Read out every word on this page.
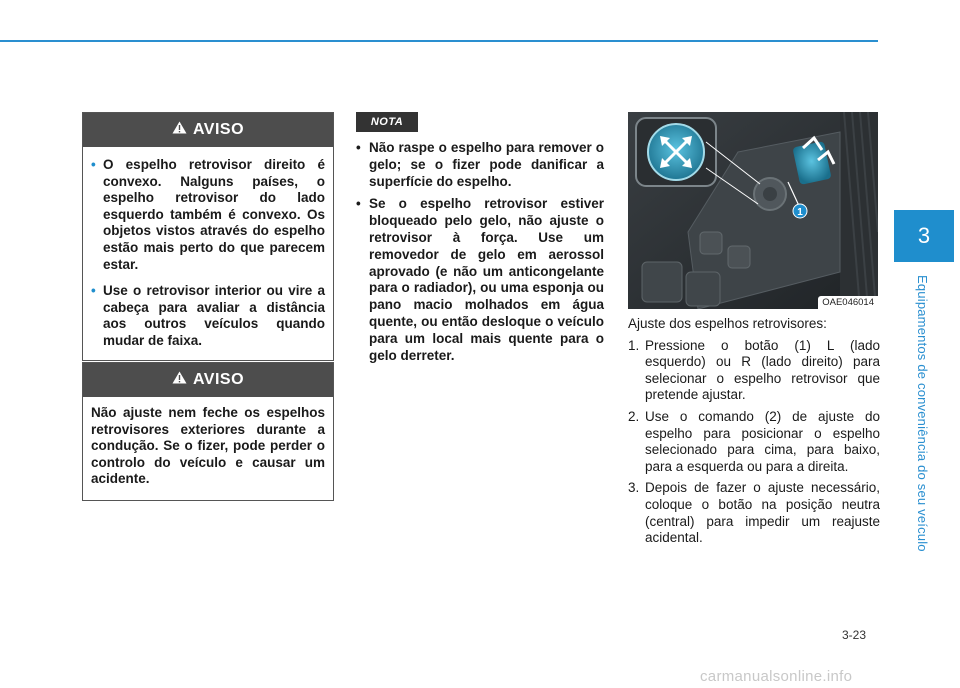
AVISO
• O espelho retrovisor direito é convexo. Nalguns países, o espelho retrovisor do lado esquerdo também é convexo. Os objetos vistos através do espelho estão mais perto do que parecem estar.
• Use o retrovisor interior ou vire a cabeça para avaliar a distância aos outros veículos quando mudar de faixa.
AVISO
Não ajuste nem feche os espelhos retrovisores exteriores durante a condução. Se o fizer, pode perder o controlo do veículo e causar um acidente.
NOTA
• Não raspe o espelho para remover o gelo; se o fizer pode danificar a superfície do espelho.
• Se o espelho retrovisor estiver bloqueado pelo gelo, não ajuste o retrovisor à força. Use um removedor de gelo em aerossol aprovado (e não um anticongelante para o radiador), ou uma esponja ou pano macio molhados em água quente, ou então desloque o veículo para um local mais quente para o gelo derreter.
1
OAE046014

Ajuste dos espelhos retrovisores:

1. Pressione o botão (1) L (lado esquerdo) ou R (lado direito) para selecionar o espelho retrovisor que pretende ajustar.
2. Use o comando (2) de ajuste do espelho para posicionar o espelho selecionado para cima, para baixo, para a esquerda ou para a direita.
3. Depois de fazer o ajuste necessário, coloque o botão na posição neutra (central) para impedir um reajuste acidental.
3
Equipamentos de conveniência do seu veículo
3-23
carmanualsonline.info
